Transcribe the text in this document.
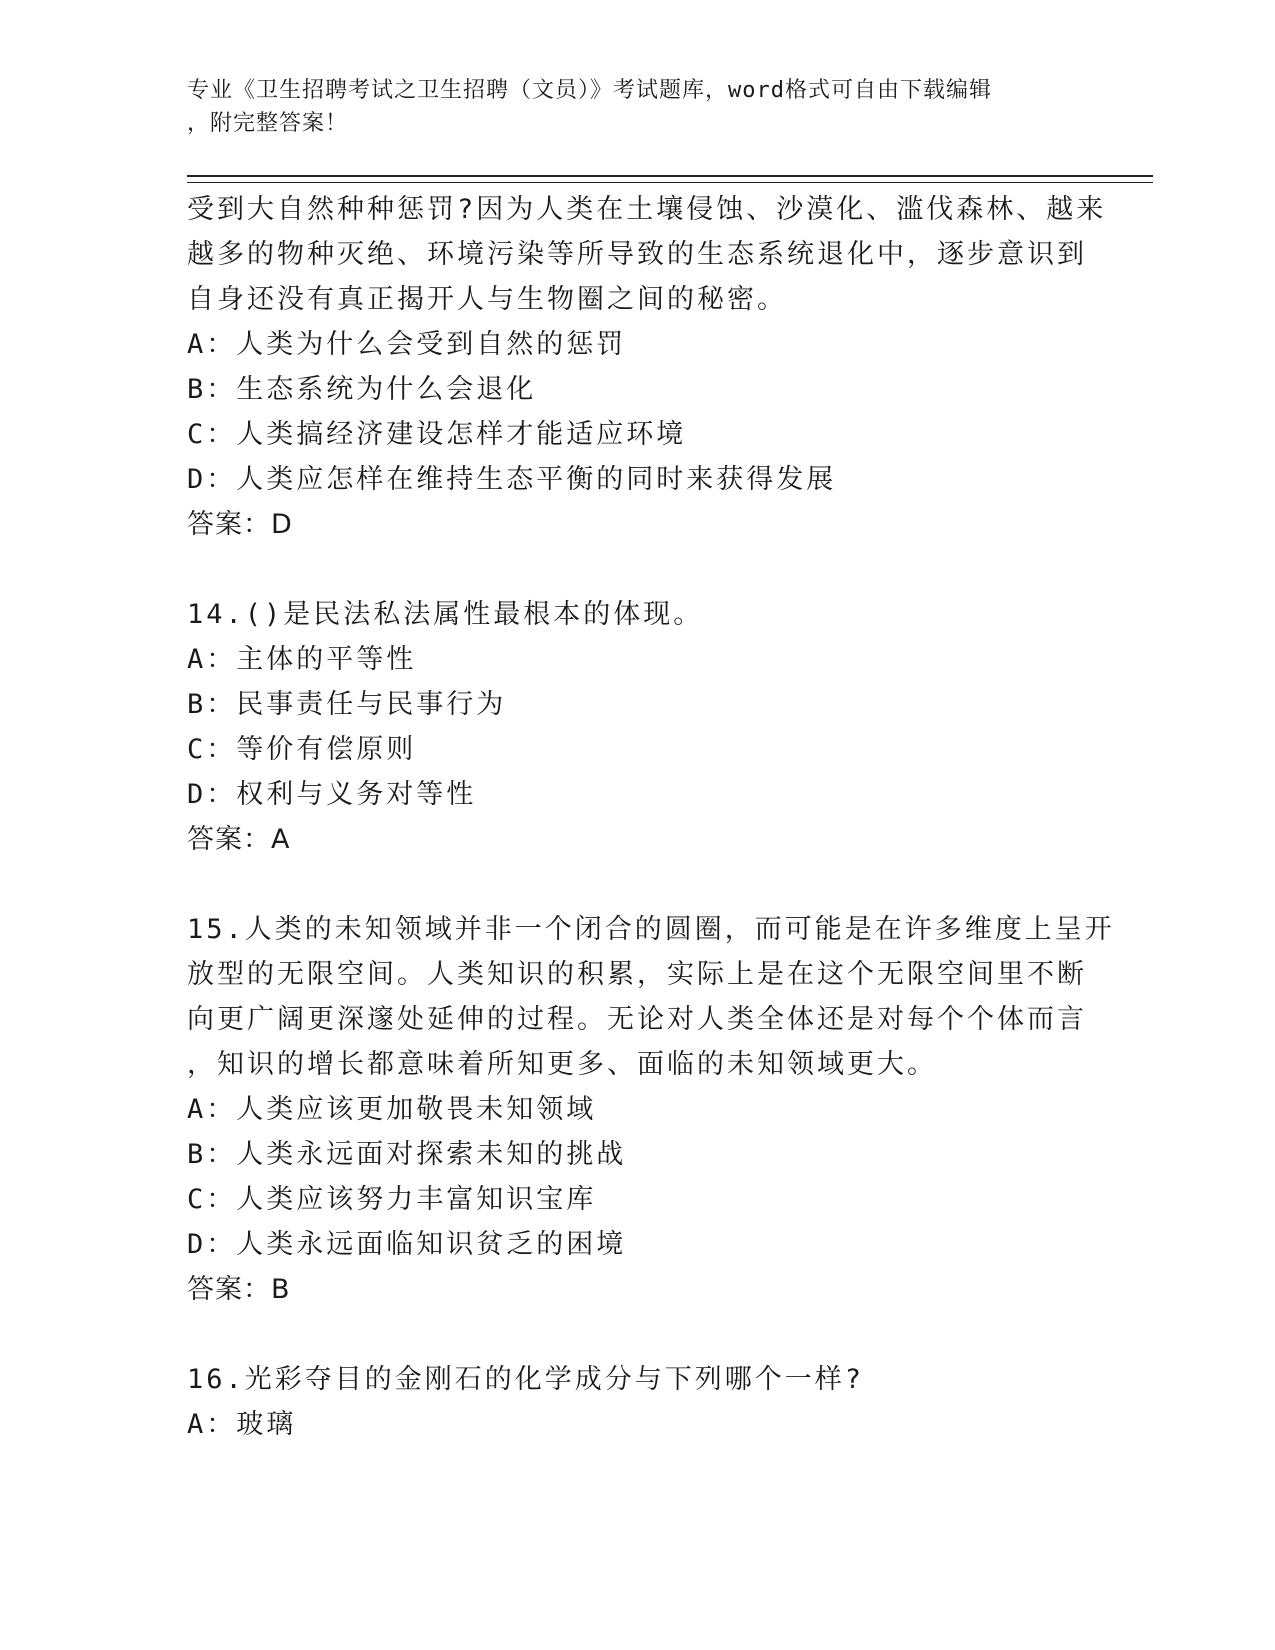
专业《卫生招聘考试之卫生招聘（文员）》考试题库，word格式可自由下载编辑
，附完整答案！
受到大自然种种惩罚?因为人类在土壤侵蚀、沙漠化、滥伐森林、越来
越多的物种灭绝、环境污染等所导致的生态系统退化中，逐步意识到
自身还没有真正揭开人与生物圈之间的秘密。
A：人类为什么会受到自然的惩罚
B：生态系统为什么会退化
C：人类搞经济建设怎样才能适应环境
D：人类应怎样在维持生态平衡的同时来获得发展
答案：D
14.()是民法私法属性最根本的体现。
A：主体的平等性
B：民事责任与民事行为
C：等价有偿原则
D：权利与义务对等性
答案：A
15.人类的未知领域并非一个闭合的圆圈，而可能是在许多维度上呈开
放型的无限空间。人类知识的积累，实际上是在这个无限空间里不断
向更广阔更深邃处延伸的过程。无论对人类全体还是对每个个体而言
，知识的增长都意味着所知更多、面临的未知领域更大。
A：人类应该更加敬畏未知领域
B：人类永远面对探索未知的挑战
C：人类应该努力丰富知识宝库
D：人类永远面临知识贫乏的困境
答案：B
16.光彩夺目的金刚石的化学成分与下列哪个一样?
A：玻璃
